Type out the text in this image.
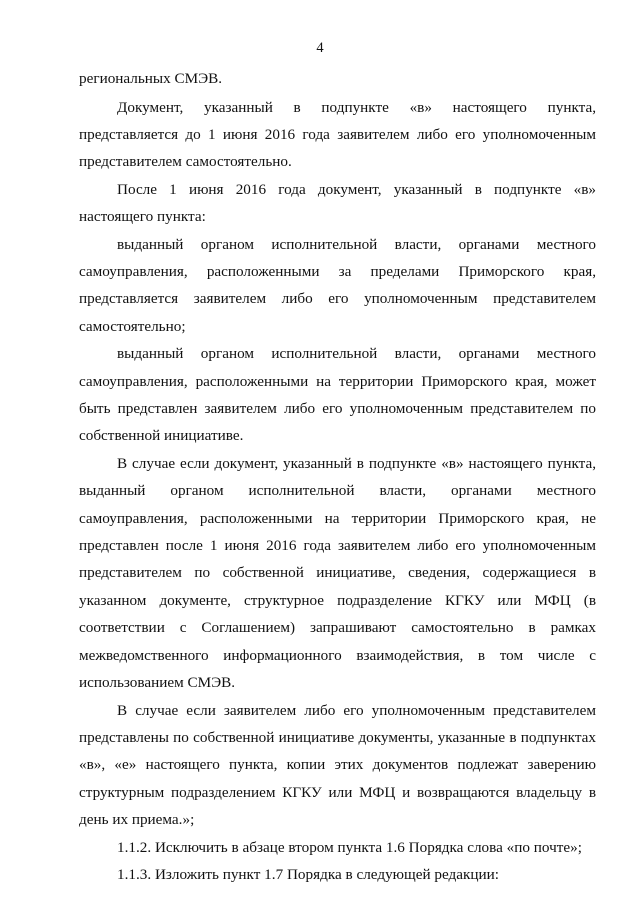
4
региональных СМЭВ.
Документ, указанный в подпункте «в» настоящего пункта,
представляется до 1 июня 2016 года заявителем либо его уполномоченным
представителем самостоятельно.
После 1 июня 2016 года документ, указанный в подпункте «в»
настоящего пункта:
выданный органом исполнительной власти, органами местного
самоуправления, расположенными за пределами Приморского края,
представляется заявителем либо его уполномоченным представителем
самостоятельно;
выданный органом исполнительной власти, органами местного
самоуправления, расположенными на территории Приморского края, может
быть представлен заявителем либо его уполномоченным представителем по
собственной инициативе.
В случае если документ, указанный в подпункте «в» настоящего пункта,
выданный органом исполнительной власти, органами местного
самоуправления, расположенными на территории Приморского края, не
представлен после 1 июня 2016 года заявителем либо его уполномоченным
представителем по собственной инициативе, сведения, содержащиеся в
указанном документе, структурное подразделение КГКУ или МФЦ (в
соответствии с Соглашением) запрашивают самостоятельно в рамках
межведомственного информационного взаимодействия, в том числе с
использованием СМЭВ.
В случае если заявителем либо его уполномоченным представителем
представлены по собственной инициативе документы, указанные в подпунктах
«в», «е» настоящего пункта, копии этих документов подлежат заверению
структурным подразделением КГКУ или МФЦ и возвращаются владельцу в
день их приема.»;
1.1.2. Исключить в абзаце втором пункта 1.6 Порядка слова «по почте»;
1.1.3. Изложить пункт 1.7 Порядка в следующей редакции:
